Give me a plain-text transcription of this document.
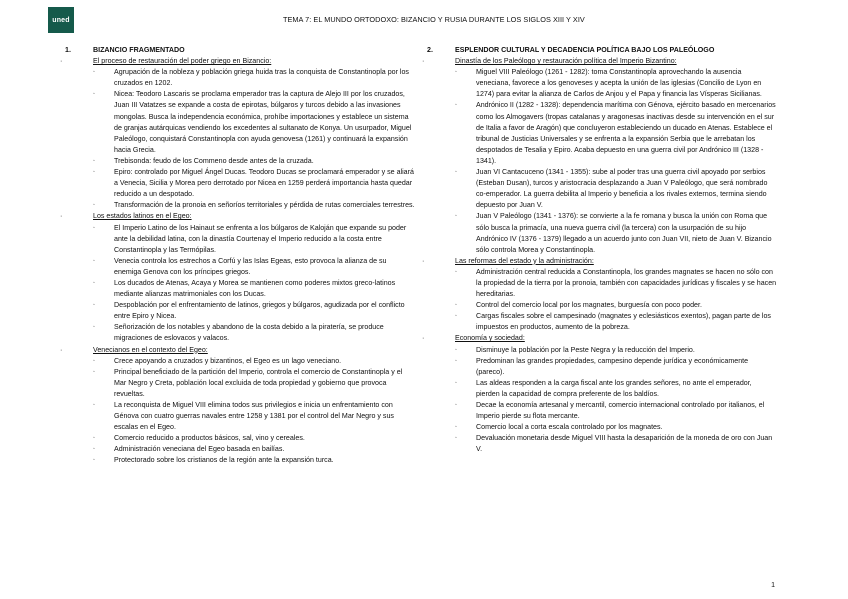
uned	TEMA 7: EL MUNDO ORTODOXO: BIZANCIO Y RUSIA DURANTE LOS SIGLOS XIII Y XIV
1.	BIZANCIO FRAGMENTADO
· El proceso de restauración del poder griego en Bizancio:
◦ Agrupación de la nobleza y población griega huida tras la conquista de Constantinopla por los cruzados en 1202.
◦ Nicea: Teodoro Lascaris se proclama emperador tras la captura de Alejo III por los cruzados, Juan III Vatatzes se expande a costa de epirotas, búlgaros y turcos debido a las invasiones mongolas. Busca la independencia económica, prohíbe importaciones y establece un sistema de granjas autárquicas vendiendo los excedentes al sultanato de Konya. Un usurpador, Miguel Paleólogo, conquistará Constantinopla con ayuda genovesa (1261) y continuará la expansión hacia Grecia.
◦ Trebisonda: feudo de los Commeno desde antes de la cruzada.
◦ Epiro: controlado por Miguel Ángel Ducas. Teodoro Ducas se proclamará emperador y se aliará a Venecia, Sicilia y Morea pero derrotado por Nicea en 1259 perderá importancia hasta quedar reducido a un despotado.
◦ Transformación de la pronoia en señoríos territoriales y pérdida de rutas comerciales terrestres.
· Los estados latinos en el Egeo:
◦ El Imperio Latino de los Hainaut se enfrenta a los búlgaros de Kaloján que expande su poder ante la debilidad latina, con la dinastía Courtenay el Imperio reducido a la costa entre Constantinopla y las Termópilas.
◦ Venecia controla los estrechos a Corfú y las Islas Egeas, esto provoca la alianza de su enemiga Genova con los príncipes griegos.
◦ Los ducados de Atenas, Acaya y Morea se mantienen como poderes mixtos greco-latinos mediante alianzas matrimoniales con los Ducas.
◦ Despoblación por el enfrentamiento de latinos, griegos y búlgaros, agudizada por el conflicto entre Epiro y Nicea.
◦ Señorización de los notables y abandono de la costa debido a la piratería, se produce migraciones de eslovacos y valacos.
· Venecianos en el contexto del Egeo:
◦ Crece apoyando a cruzados y bizantinos, el Egeo es un lago veneciano.
◦ Principal beneficiado de la partición del Imperio, controla el comercio de Constantinopla y el Mar Negro y Creta, población local excluida de toda propiedad y gobierno que provoca revueltas.
◦ La reconquista de Miguel VIII elimina todos sus privilegios e inicia un enfrentamiento con Génova con cuatro guerras navales entre 1258 y 1381 por el control del Mar Negro y sus escalas en el Egeo.
◦ Comercio reducido a productos básicos, sal, vino y cereales.
◦ Administración veneciana del Egeo basada en bailías.
◦ Protectorado sobre los cristianos de la región ante la expansión turca.
2.	ESPLENDOR CULTURAL Y DECADENCIA POLÍTICA BAJO LOS PALEÓLOGO
· Dinastía de los Paleólogo y restauración política del Imperio Bizantino:
◦ Miguel VIII Paleólogo (1261 - 1282): toma Constantinopla aprovechando la ausencia veneciana, favorece a los genoveses y acepta la unión de las iglesias (Concilio de Lyon en 1274) para evitar la alianza de Carlos de Anjou y el Papa y financia las Vísperas Sicilianas.
◦ Andrónico II (1282 - 1328): dependencia marítima con Génova, ejército basado en mercenarios como los Almogavers (tropas catalanas y aragonesas inactivas desde su intervención en el sur de Italia a favor de Aragón) que concluyeron estableciendo un ducado en Atenas. Establece el tribunal de Justicias Universales y se enfrenta a la expansión Serbia que le arrebatan los despotados de Tesalia y Epiro. Acaba depuesto en una guerra civil por Andrónico III (1328 - 1341).
◦ Juan VI Cantacuceno (1341 - 1355): sube al poder tras una guerra civil apoyado por serbios (Esteban Dusan), turcos y aristocracia desplazando a Juan V Paleólogo, que será nombrado co-emperador. La guerra debilita al Imperio y beneficia a los rivales externos, termina siendo depuesto por Juan V.
◦ Juan V Paleólogo (1341 - 1376): se convierte a la fe romana y busca la unión con Roma que sólo busca la primacía, una nueva guerra civil (la tercera) con la usurpación de su hijo Andrónico IV (1376 - 1379) llegado a un acuerdo junto con Juan VII, nieto de Juan V. Bizancio sólo controla Morea y Constantinopla.
· Las reformas del estado y la administración:
◦ Administración central reducida a Constantinopla, los grandes magnates se hacen no sólo con la propiedad de la tierra por la pronoia, también con capacidades jurídicas y fiscales y se hacen hereditarias.
◦ Control del comercio local por los magnates, burguesía con poco poder.
◦ Cargas fiscales sobre el campesinado (magnates y eclesiásticos exentos), pagan parte de los impuestos en productos, aumento de la pobreza.
· Economía y sociedad:
◦ Disminuye la población por la Peste Negra y la reducción del Imperio.
◦ Predominan las grandes propiedades, campesino depende jurídica y económicamente (pareco).
◦ Las aldeas responden a la carga fiscal ante los grandes señores, no ante el emperador, pierden la capacidad de compra preferente de los baldíos.
◦ Decae la economía artesanal y mercantil, comercio internacional controlado por italianos, el Imperio pierde su flota mercante.
◦ Comercio local a corta escala controlado por los magnates.
◦ Devaluación monetaria desde Miguel VIII hasta la desaparición de la moneda de oro con Juan V.
1
